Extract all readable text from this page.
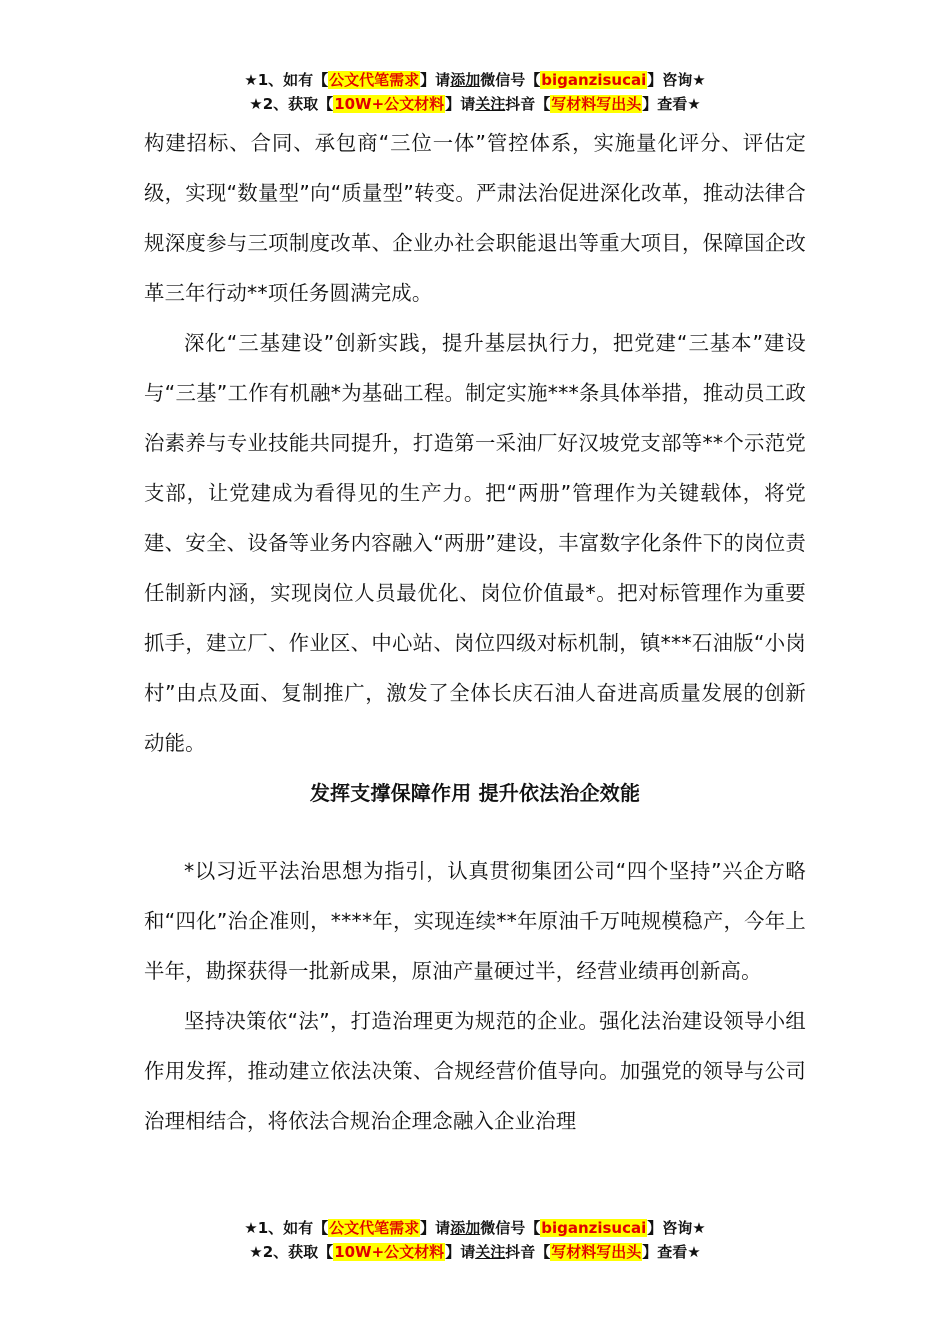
★1、如有【公文代笔需求】请添加微信号【biganzisucai】咨询★
★2、获取【10W+公文材料】请关注抖音【写材料写出头】查看★

构建招标、合同、承包商“三位一体”管控体系，实施量化评分、评估定级，实现“数量型”向“质量型”转变。严肃法治促进深化改革，推动法律合规深度参与三项制度改革、企业办社会职能退出等重大项目，保障国企改革三年行动**项任务圆满完成。

深化“三基建设”创新实践，提升基层执行力，把党建“三基本”建设与“三基”工作有机融*为基础工程。制定实施***条具体举措，推动员工政治素养与专业技能共同提升，打造第一采油厂好汉坡党支部等**个示范党支部，让党建成为看得见的生产力。把“两册”管理作为关键载体，将党建、安全、设备等业务内容融入“两册”建设，丰富数字化条件下的岗位责任制新内涵，实现岗位人员最优化、岗位价值最*。把对标管理作为重要抓手，建立厂、作业区、中心站、岗位四级对标机制，镇***石油版“小岗村”由点及面、复制推广，激发了全体长庆石油人奋进高质量发展的创新动能。

发挥支撑保障作用 提升依法治企效能

*以习近平法治思想为指引，认真贯彻集团公司“四个坚持”兴企方略和“四化”治企准则，****年，实现连续**年原油千万吨规模稳产，今年上半年，勘探获得一批新成果，原油产量硬过半，经营业绩再创新高。

坚持决策依“法”，打造治理更为规范的企业。强化法治建设领导小组作用发挥，推动建立依法决策、合规经营价值导向。加强党的领导与公司治理相结合，将依法合规治企理念融入企业治理

★1、如有【公文代笔需求】请添加微信号【biganzisucai】咨询★
★2、获取【10W+公文材料】请关注抖音【写材料写出头】查看★
